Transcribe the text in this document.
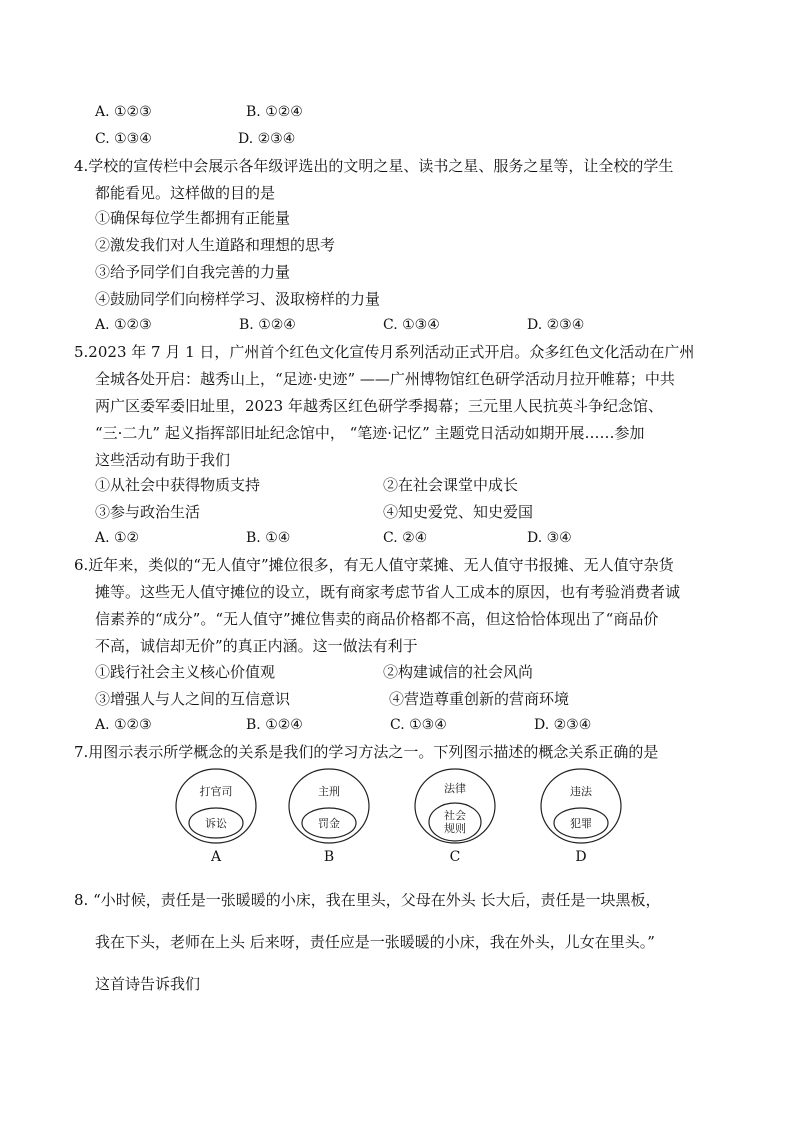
A. ①②③	B. ①②④
C. ①③④	D. ②③④
4.学校的宣传栏中会展示各年级评选出的文明之星、读书之星、服务之星等，让全校的学生
都能看见。这样做的目的是
①确保每位学生都拥有正能量
②激发我们对人生道路和理想的思考
③给予同学们自我完善的力量
④鼓励同学们向榜样学习、汲取榜样的力量
A. ①②③	B. ①②④	C. ①③④	D. ②③④
5.2023 年 7 月 1 日，广州首个红色文化宣传月系列活动正式开启。众多红色文化活动在广州
全城各处开启：越秀山上，“足迹·史迹” ——广州博物馆红色研学活动月拉开帷幕；中共
两广区委军委旧址里，2023 年越秀区红色研学季揭幕；三元里人民抗英斗争纪念馆、
“三·二九” 起义指挥部旧址纪念馆中， “笔迹·记忆” 主题党日活动如期开展……参加
这些活动有助于我们
①从社会中获得物质支持	②在社会课堂中成长
③参与政治生活	④知史爱党、知史爱国
A. ①②	B. ①④	C. ②④	D. ③④
6.近年来，类似的“无人值守”摊位很多，有无人值守菜摊、无人值守书报摊、无人值守杂货
摊等。这些无人值守摊位的设立，既有商家考虑节省人工成本的原因，也有考验消费者诚
信素养的“成分”。“无人值守”摊位售卖的商品价格都不高，但这恰恰体现出了“商品价
不高，诚信却无价”的真正内涵。这一做法有利于
①践行社会主义核心价值观	②构建诚信的社会风尚
③增强人与人之间的互信意识	④营造尊重创新的营商环境
A. ①②③	B. ①②④	C. ①③④	D. ②③④
7.用图示表示所学概念的关系是我们的学习方法之一。下列图示描述的概念关系正确的是
打官司
诉讼
A
主刑
罚金
B
法律
社会
规则
C
违法
犯罪
D
8. “小时候，责任是一张暖暖的小床，我在里头，父母在外头 长大后，责任是一块黑板，
我在下头，老师在上头 后来呀，责任应是一张暖暖的小床，我在外头，儿女在里头。”
这首诗告诉我们
